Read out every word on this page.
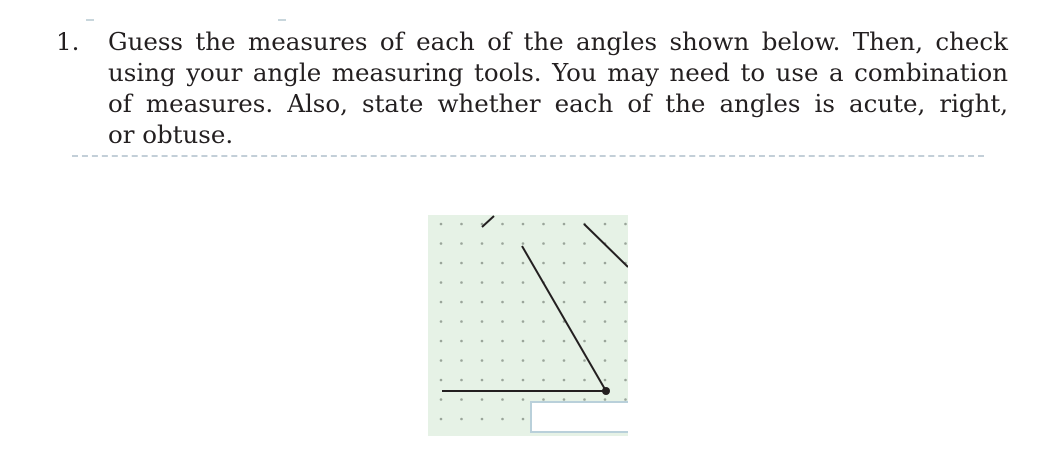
1. Guess the measures of each of the angles shown below. Then, check
using your angle measuring tools. You may need to use a combination
of measures. Also, state whether each of the angles is acute, right,
or obtuse.
